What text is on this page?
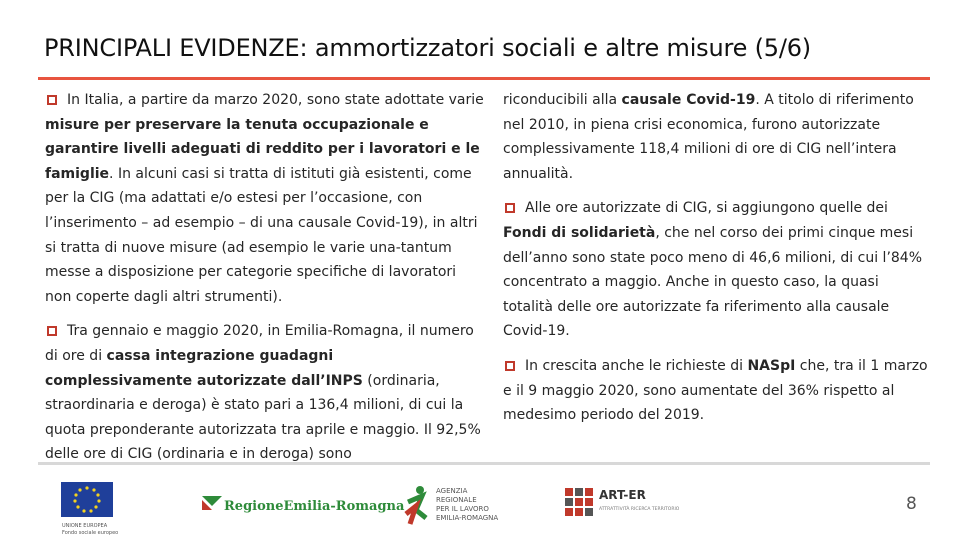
PRINCIPALI EVIDENZE: ammortizzatori sociali e altre misure (5/6)

In Italia, a partire da marzo 2020, sono state adottate varie misure per preservare la tenuta occupazionale e garantire livelli adeguati di reddito per i lavoratori e le famiglie. In alcuni casi si tratta di istituti già esistenti, come per la CIG (ma adattati e/o estesi per l’occasione, con l’inserimento – ad esempio – di una causale Covid-19), in altri si tratta di nuove misure (ad esempio le varie una-tantum messe a disposizione per categorie specifiche di lavoratori non coperte dagli altri strumenti).

Tra gennaio e maggio 2020, in Emilia-Romagna, il numero di ore di cassa integrazione guadagni complessivamente autorizzate dall’INPS (ordinaria, straordinaria e deroga) è stato pari a 136,4 milioni, di cui la quota preponderante autorizzata tra aprile e maggio. Il 92,5% delle ore di CIG (ordinaria e in deroga) sono

riconducibili alla causale Covid-19. A titolo di riferimento nel 2010, in piena crisi economica, furono autorizzate complessivamente 118,4 milioni di ore di CIG nell’intera annualità.

Alle ore autorizzate di CIG, si aggiungono quelle dei Fondi di solidarietà, che nel corso dei primi cinque mesi dell’anno sono state poco meno di 46,6 milioni, di cui l’84% concentrato a maggio. Anche in questo caso, la quasi totalità delle ore autorizzate fa riferimento alla causale Covid-19.

In crescita anche le richieste di NASpI che, tra il 1 marzo e il 9 maggio 2020, sono aumentate del 36% rispetto al medesimo periodo del 2019.

UNIONE EUROPEA
Fondo sociale europeo
RegioneEmilia-Romagna
AGENZIA
REGIONALE
PER IL LAVORO
EMILIA-ROMAGNA
ART-ER
ATTRATTIVITÀ RICERCA TERRITORIO	8
